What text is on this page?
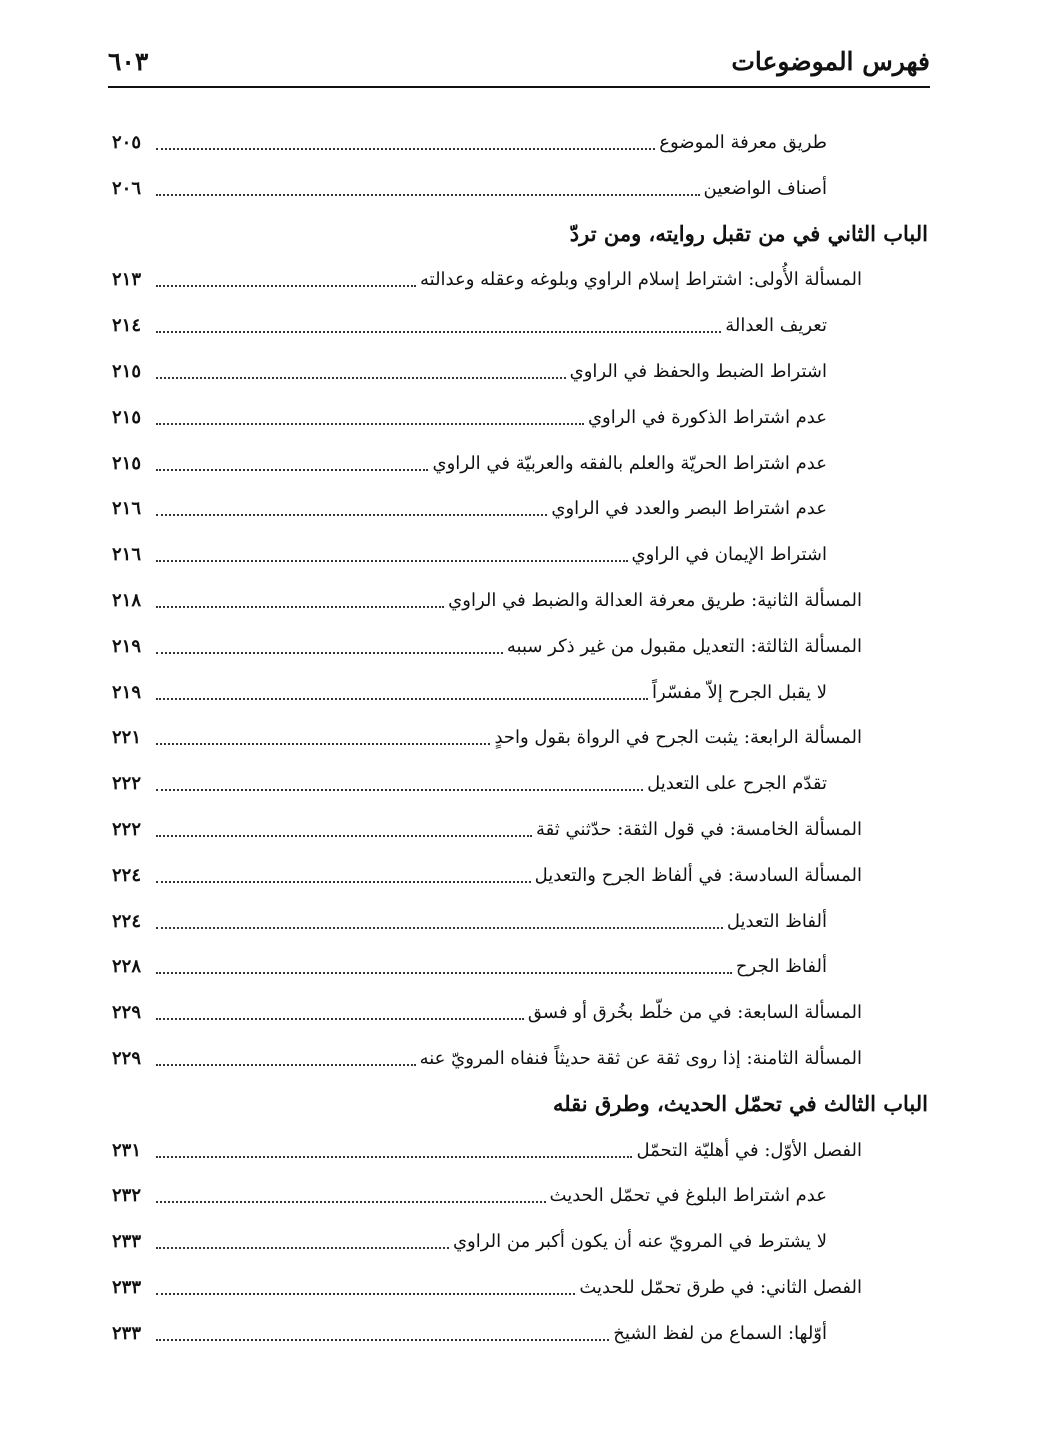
فهرس الموضوعات
٦٠٣
طريق معرفة الموضوع
٢٠٥
أصناف الواضعين
٢٠٦
الباب الثاني في من تقبل روايته، ومن تردّ
المسألة الأُولى: اشتراط إسلام الراوي وبلوغه وعقله وعدالته
٢١٣
تعريف العدالة
٢١٤
اشتراط الضبط والحفظ في الراوي
٢١٥
عدم اشتراط الذكورة في الراوي
٢١٥
عدم اشتراط الحريّة والعلم بالفقه والعربيّة في الراوي
٢١٥
عدم اشتراط البصر والعدد في الراوي
٢١٦
اشتراط الإيمان في الراوي
٢١٦
المسألة الثانية: طريق معرفة العدالة والضبط في الراوي
٢١٨
المسألة الثالثة: التعديل مقبول من غير ذكر سببه
٢١٩
لا يقبل الجرح إلاّ مفسّراً
٢١٩
المسألة الرابعة: يثبت الجرح في الرواة بقول واحدٍ
٢٢١
تقدّم الجرح على التعديل
٢٢٢
المسألة الخامسة: في قول الثقة: حدّثني ثقة
٢٢٢
المسألة السادسة: في ألفاظ الجرح والتعديل
٢٢٤
ألفاظ التعديل
٢٢٤
ألفاظ الجرح
٢٢٨
المسألة السابعة: في من خلّط بخُرق أو فسق
٢٢٩
المسألة الثامنة: إذا روى ثقة عن ثقة حديثاً فنفاه المرويّ عنه
٢٢٩
الباب الثالث في تحمّل الحديث، وطرق نقله
الفصل الأوّل: في أهليّة التحمّل
٢٣١
عدم اشتراط البلوغ في تحمّل الحديث
٢٣٢
لا يشترط في المرويّ عنه أن يكون أكبر من الراوي
٢٣٣
الفصل الثاني: في طرق تحمّل للحديث
٢٣٣
أوّلها: السماع من لفظ الشيخ
٢٣٣
